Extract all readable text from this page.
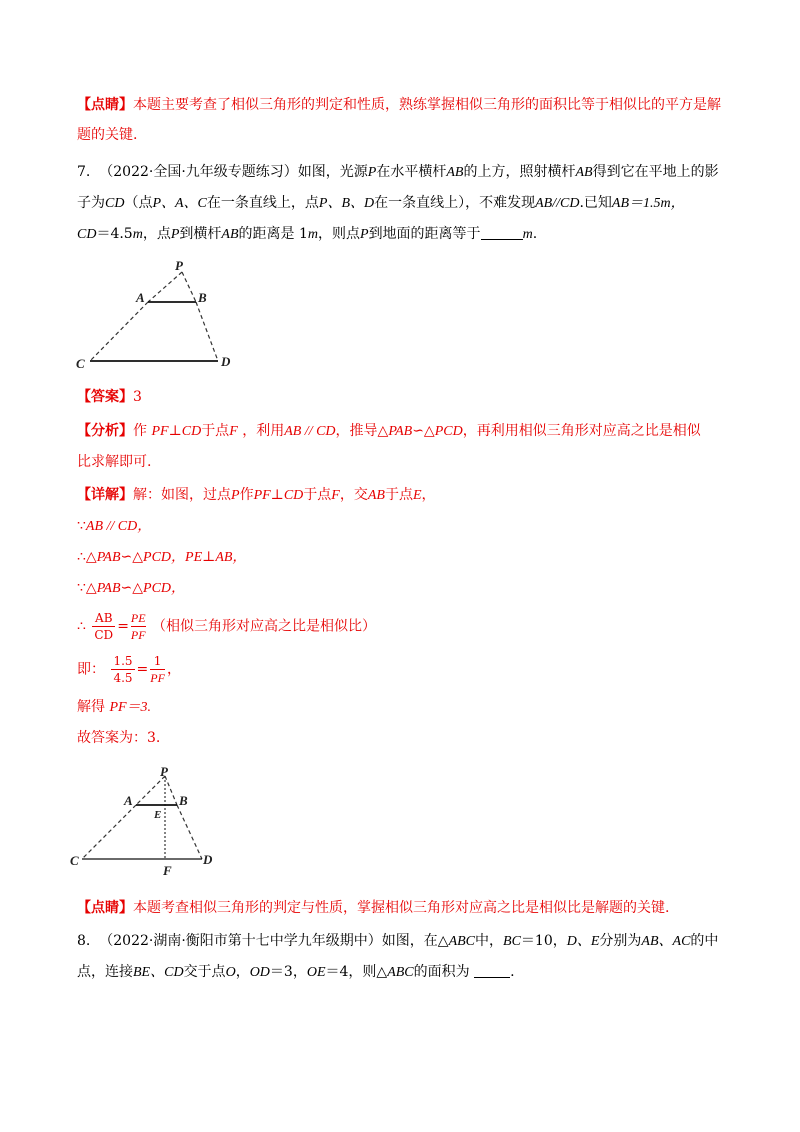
【点睛】本题主要考查了相似三角形的判定和性质，熟练掌握相似三角形的面积比等于相似比的平方是解
题的关键.
7. （2022·全国·九年级专题练习）如图，光源P在水平横杆AB的上方，照射横杆AB得到它在平地上的影
子为CD（点P、A、C在一条直线上，点P、B、D在一条直线上），不难发现AB//CD.已知AB＝1.5m，
CD＝4.5m，点P到横杆AB的距离是 1m，则点P到地面的距离等于	m.
P
A	B
C	D
【答案】3
【分析】作 PF⊥CD于点F ，利用AB // CD，推导△PAB∽△PCD，再利用相似三角形对应高之比是相似
比求解即可.
【详解】解：如图，过点P作PF⊥CD于点F，交AB于点E，
∵AB // CD，
∴△PAB∽△PCD，PE⊥AB，
∵△PAB∽△PCD，
∴ $\frac{AB}{CD} = \frac{PE}{PF}$ （相似三角形对应高之比是相似比）
即： $\frac{1.5}{4.5} = \frac{1}{PF}$ ，
解得 PF＝3.
故答案为：3.
P
A	B
E
C
F
D
【点睛】本题考查相似三角形的判定与性质，掌握相似三角形对应高之比是相似比是解题的关键.
8. （2022·湖南·衡阳市第十七中学九年级期中）如图，在△ABC中，BC＝10，D、E分别为AB、AC的中
点，连接BE、CD交于点O，OD＝3，OE＝4，则△ABC的面积为	.
